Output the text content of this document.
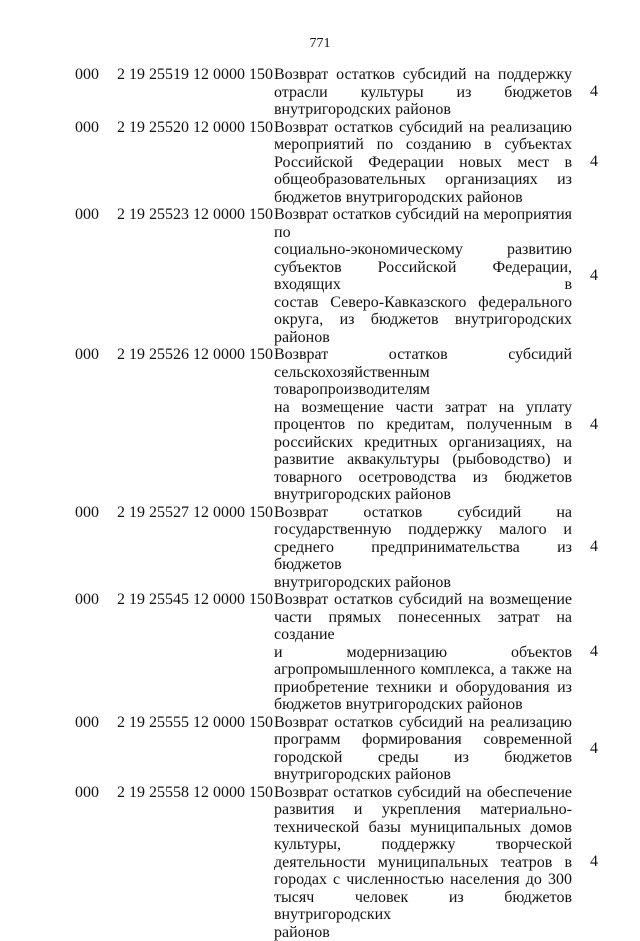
771
000 2 19 25519 12 0000 150 Возврат остатков субсидий на поддержку
отрасли культуры из бюджетов
внутригородских районов
4
000 2 19 25520 12 0000 150 Возврат остатков субсидий на реализацию
мероприятий по созданию в субъектах
Российской Федерации новых мест в
общеобразовательных организациях из
бюджетов внутригородских районов
4
000 2 19 25523 12 0000 150 Возврат остатков субсидий на мероприятия по
социально-экономическому развитию
субъектов Российской Федерации, входящих в
состав Северо-Кавказского федерального
округа, из бюджетов внутригородских районов
4
000 2 19 25526 12 0000 150 Возврат остатков субсидий
сельскохозяйственным товаропроизводителям
на возмещение части затрат на уплату
процентов по кредитам, полученным в
российских кредитных организациях, на
развитие аквакультуры (рыбоводство) и
товарного осетроводства из бюджетов
внутригородских районов
4
000 2 19 25527 12 0000 150 Возврат остатков субсидий на
государственную поддержку малого и
среднего предпринимательства из бюджетов
внутригородских районов
4
000 2 19 25545 12 0000 150 Возврат остатков субсидий на возмещение
части прямых понесенных затрат на создание
и модернизацию объектов
агропромышленного комплекса, а также на
приобретение техники и оборудования из
бюджетов внутригородских районов
4
000 2 19 25555 12 0000 150 Возврат остатков субсидий на реализацию
программ формирования современной
городской среды из бюджетов
внутригородских районов
4
000 2 19 25558 12 0000 150 Возврат остатков субсидий на обеспечение
развития и укрепления материально-
технической базы муниципальных домов
культуры, поддержку творческой
деятельности муниципальных театров в
городах с численностью населения до 300
тысяч человек из бюджетов внутригородских
районов
4
